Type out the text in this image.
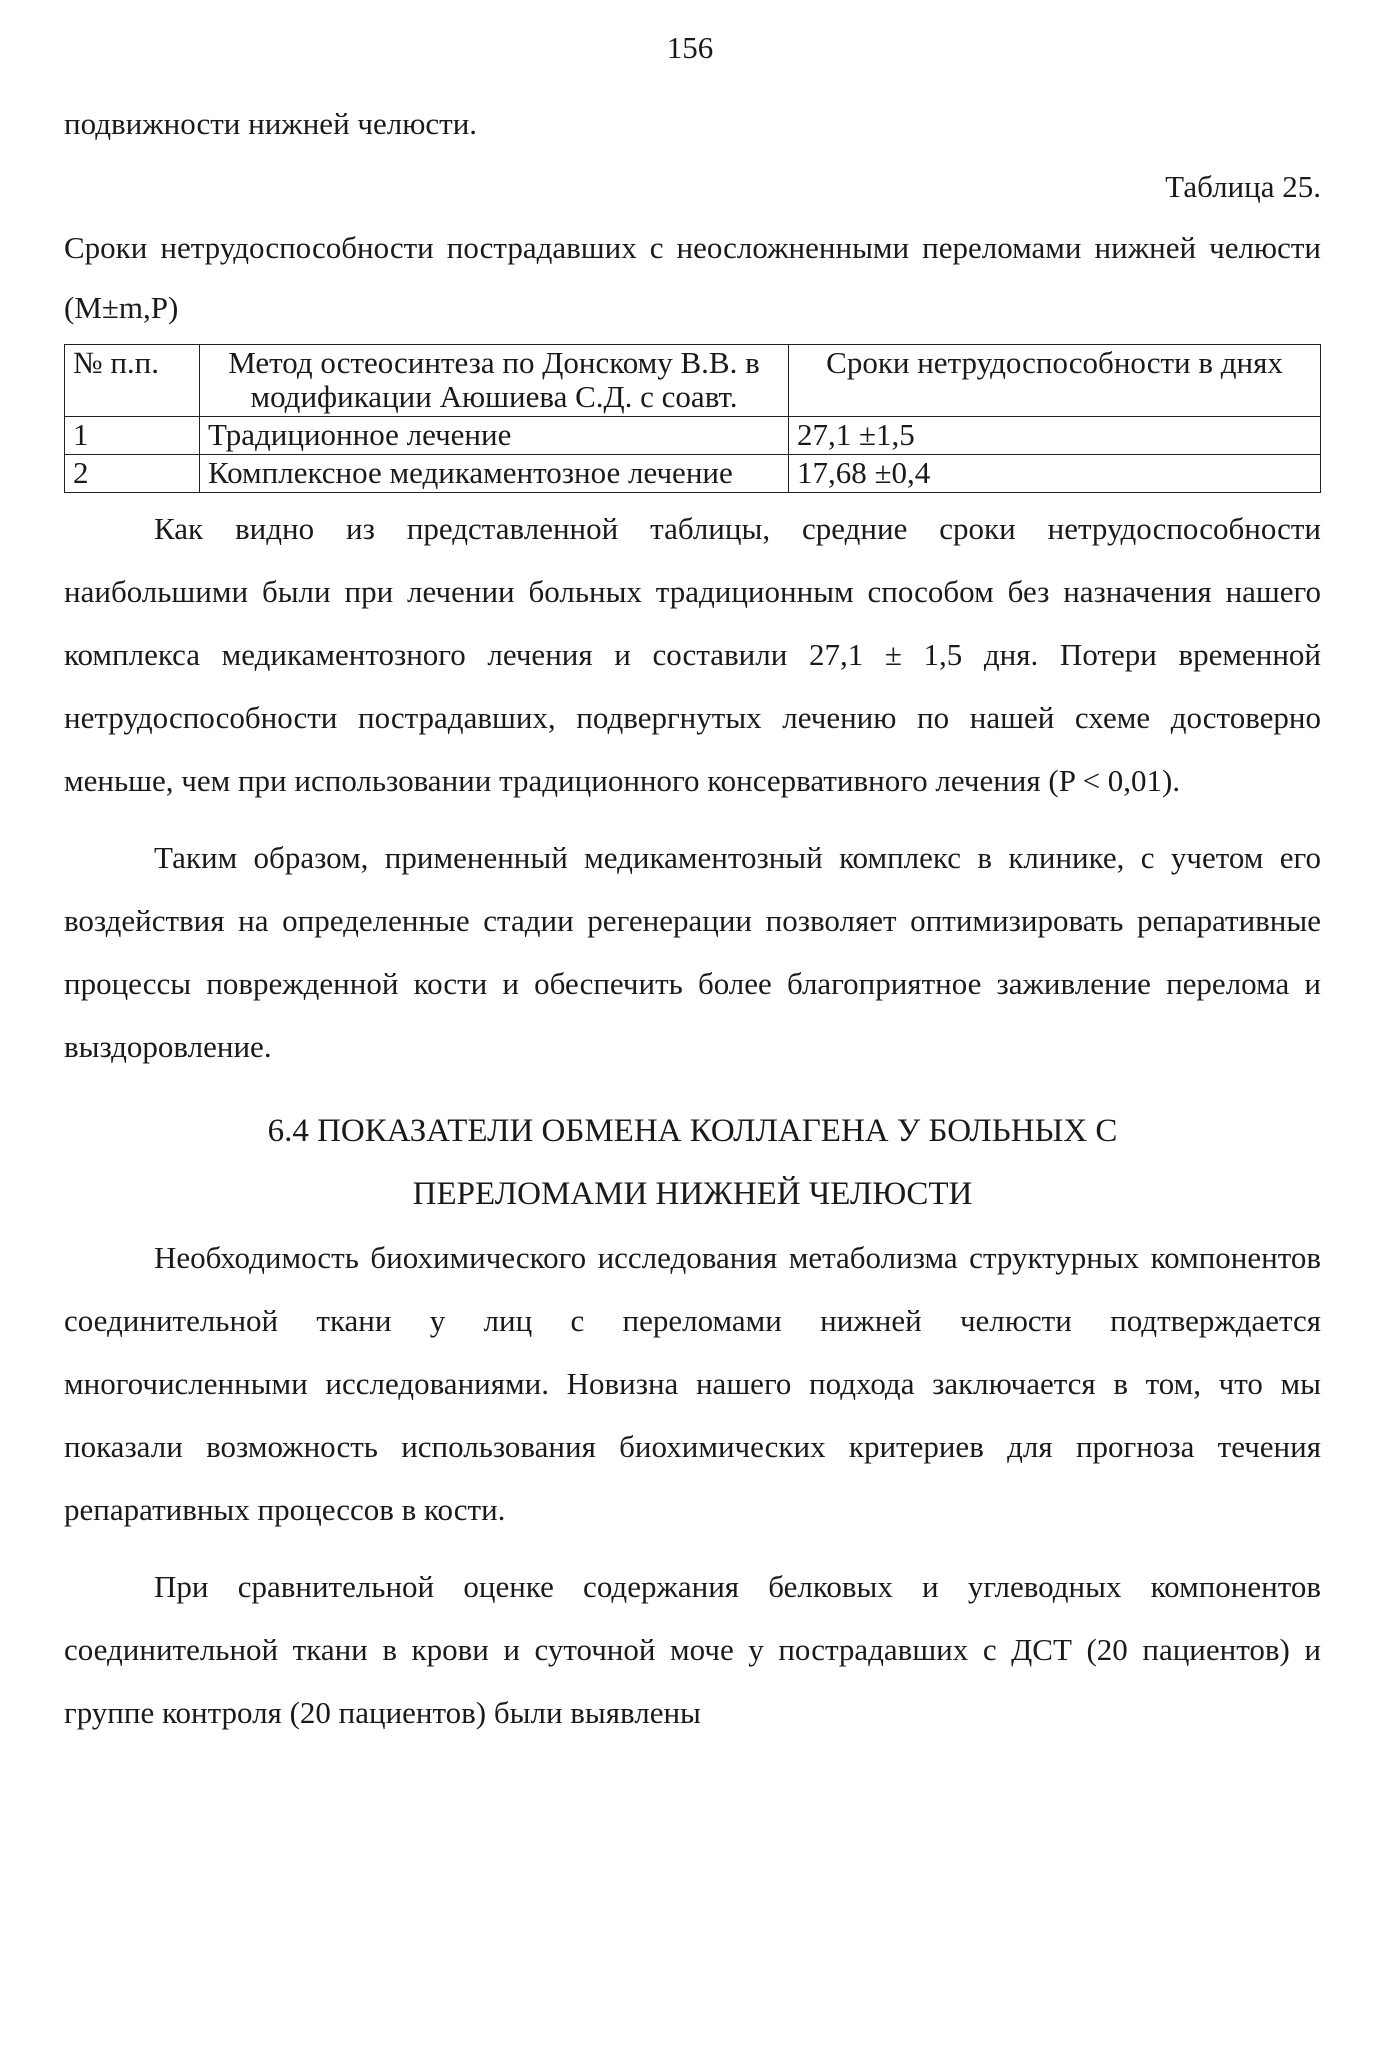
156

подвижности нижней челюсти.

Таблица 25.

Сроки нетрудоспособности пострадавших с неосложненными переломами нижней челюсти (M±m,P)

№ п.п.	Метод остеосинтеза по Донскому В.В. в модификации Аюшиева С.Д. с соавт.	Сроки нетрудоспособности в днях
1	Традиционное лечение	27,1 ±1,5
2	Комплексное медикаментозное лечение	17,68 ±0,4

Как видно из представленной таблицы, средние сроки нетрудоспособности наибольшими были при лечении больных традиционным способом без назначения нашего комплекса медикаментозного лечения и составили 27,1 ± 1,5 дня. Потери временной нетрудоспособности пострадавших, подвергнутых лечению по нашей схеме достоверно меньше, чем при использовании традиционного консервативного лечения (P < 0,01).

Таким образом, примененный медикаментозный комплекс в клинике, с учетом его воздействия на определенные стадии регенерации позволяет оптимизировать репаративные процессы поврежденной кости и обеспечить более благоприятное заживление перелома и выздоровление.

6.4 ПОКАЗАТЕЛИ ОБМЕНА КОЛЛАГЕНА У БОЛЬНЫХ С
ПЕРЕЛОМАМИ НИЖНЕЙ ЧЕЛЮСТИ

Необходимость биохимического исследования метаболизма структурных компонентов соединительной ткани у лиц с переломами нижней челюсти подтверждается многочисленными исследованиями. Новизна нашего подхода заключается в том, что мы показали возможность использования биохимических критериев для прогноза течения репаративных процессов в кости.

При сравнительной оценке содержания белковых и углеводных компонентов соединительной ткани в крови и суточной моче у пострадавших с ДСТ (20 пациентов) и группе контроля (20 пациентов) были выявлены
